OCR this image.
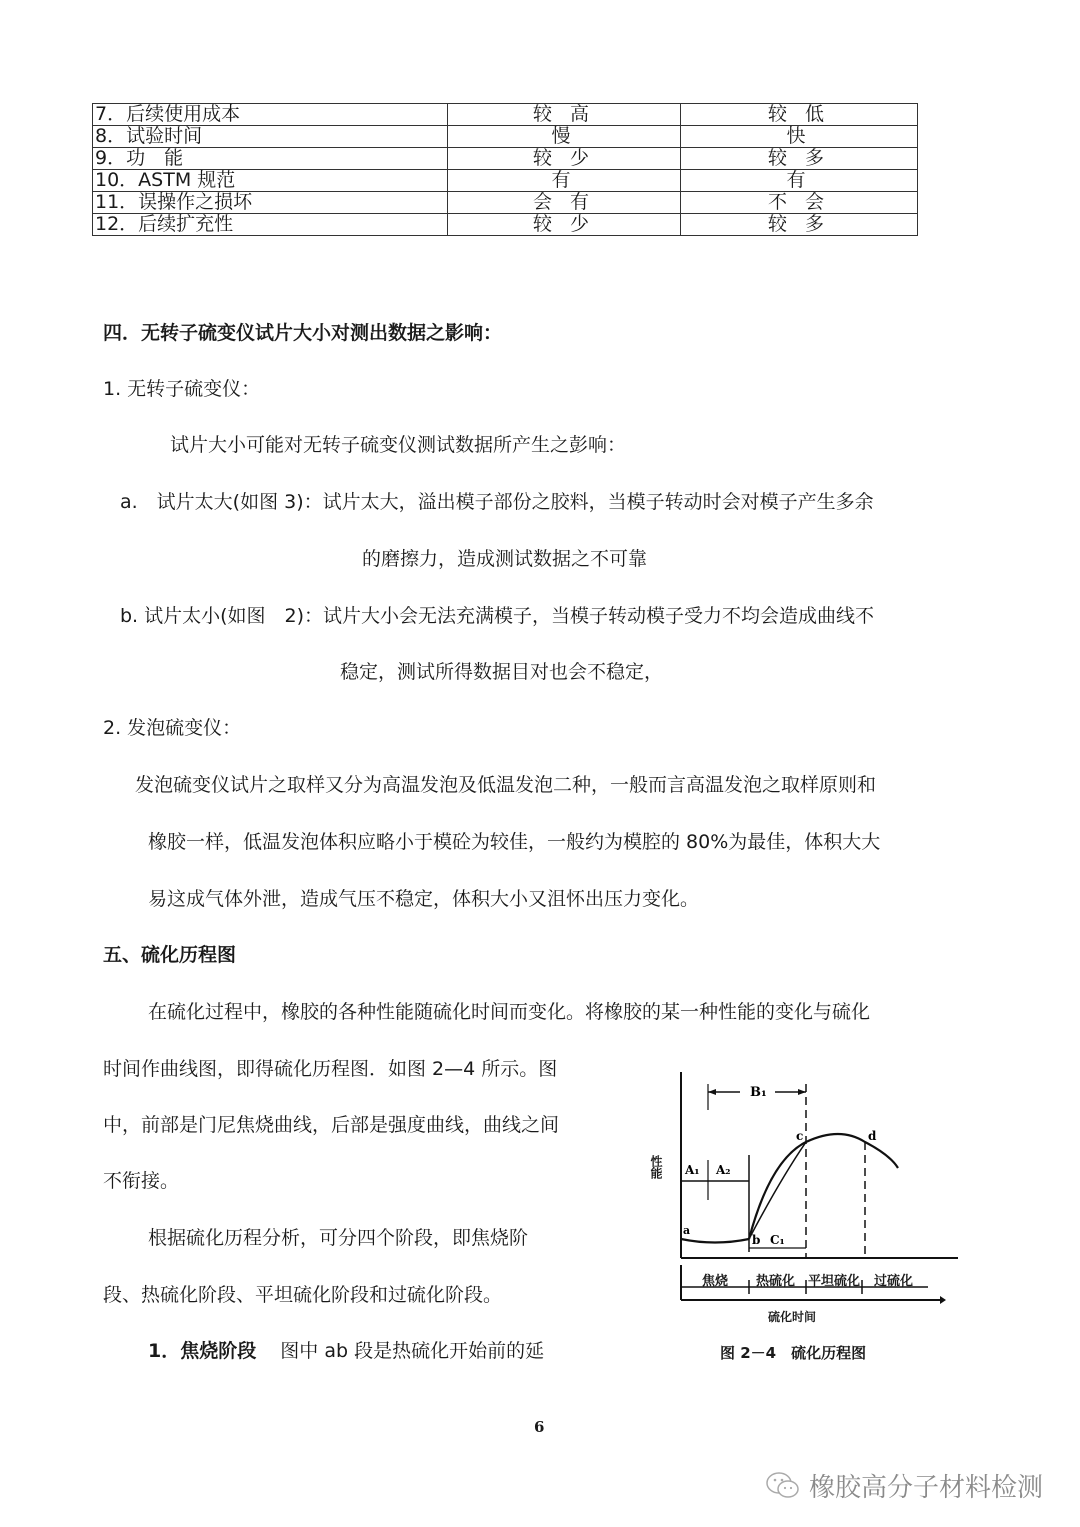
7．后续使用成本	较 高	较 低
8．试验时间	慢	快
9．功　能	较 少	较 多
10．ASTM 规范	有	有
11．误操作之损坏	会 有	不 会
12．后续扩充性	较 少	较 多
四．无转子硫变仪试片大小对测出数据之影响：
1. 无转子硫变仪：
试片大小可能对无转子硫变仪测试数据所产生之彭响：
a.　试片太大(如图 3)：试片太大，溢出模子部份之胶料，当模子转动时会对模子产生多余
的磨擦力，造成测试数据之不可靠
b. 试片太小(如图　2)：试片大小会无法充满模子，当模子转动模子受力不均会造成曲线不
稳定，测试所得数据目对也会不稳定，
2. 发泡硫变仪：
发泡硫变仪试片之取样又分为高温发泡及低温发泡二种，一般而言高温发泡之取样原则和
橡胶一样，低温发泡体积应略小于模砼为较佳，一般约为模腔的 80%为最佳，体积大大
易这成气体外泄，造成气压不稳定，体积大小又沮怀出压力变化。
五、硫化历程图
在硫化过程中，橡胶的各种性能随硫化时间而变化。将橡胶的某一种性能的变化与硫化
时间作曲线图，即得硫化历程图．如图 2—4 所示。图
中，前部是门尼焦烧曲线，后部是强度曲线，曲线之间
不衔接。
根据硫化历程分析，可分四个阶段，即焦烧阶
段、热硫化阶段、平坦硫化阶段和过硫化阶段。
1．焦烧阶段 图中 ab 段是热硫化开始前的延
B₁
A₁ A₂
C₁
a
b
c	d
焦烧 热硫化 平坦硫化 过硫化
性能
硫化时间
图 2－4　硫化历程图
6
橡胶高分子材料检测
